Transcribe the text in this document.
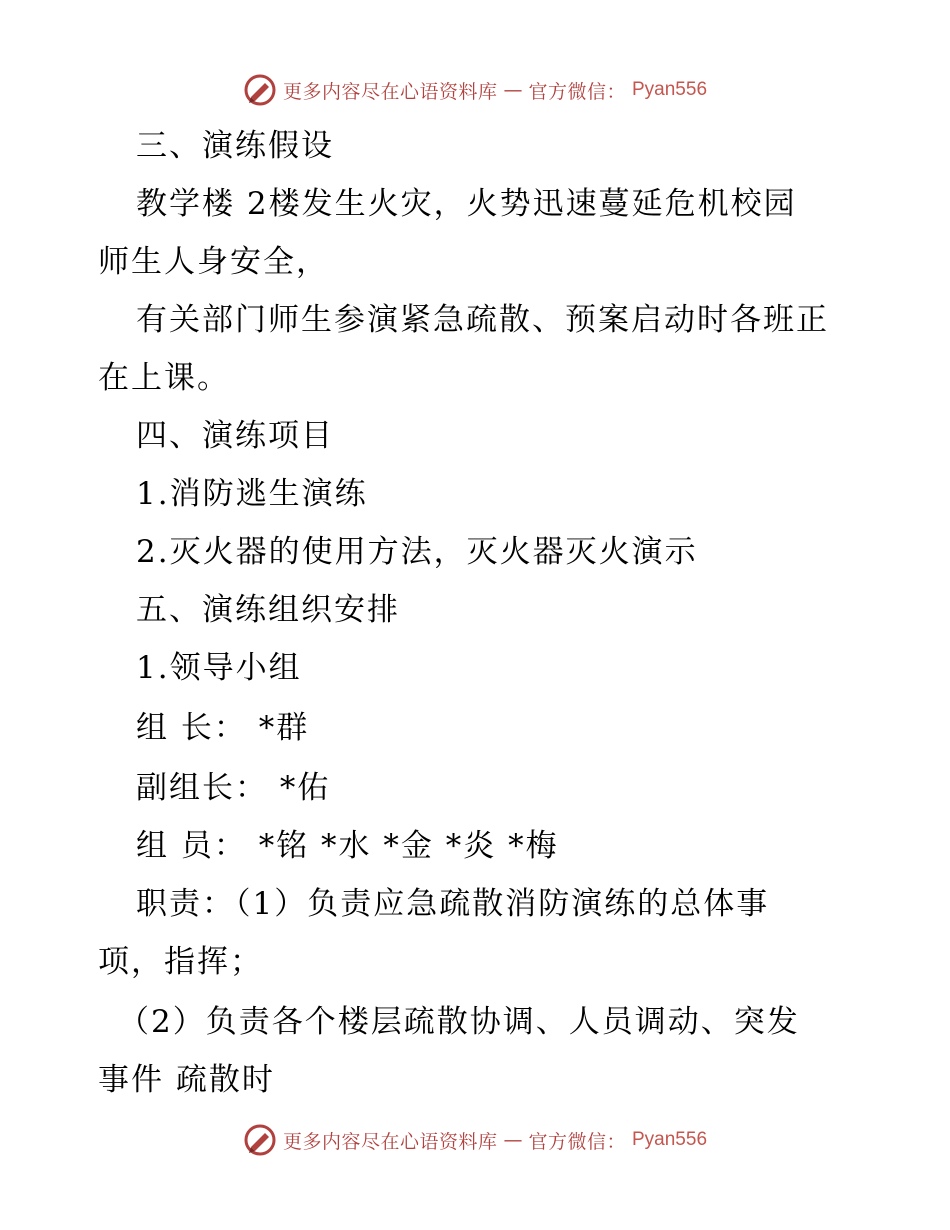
更多内容尽在心语资料库 — 官方微信： Pyan556
三、演练假设
教学楼 2楼发生火灾，火势迅速蔓延危机校园
师生人身安全，
有关部门师生参演紧急疏散、预案启动时各班正
在上课。
四、演练项目
1.消防逃生演练
2.灭火器的使用方法，灭火器灭火演示
五、演练组织安排
1.领导小组
组 长： *群
副组长： *佑
组 员： *铭 *水 *金 *炎 *梅
职责：（1）负责应急疏散消防演练的总体事
项，指挥；
（2）负责各个楼层疏散协调、人员调动、突发
事件 疏散时
更多内容尽在心语资料库 — 官方微信： Pyan556
